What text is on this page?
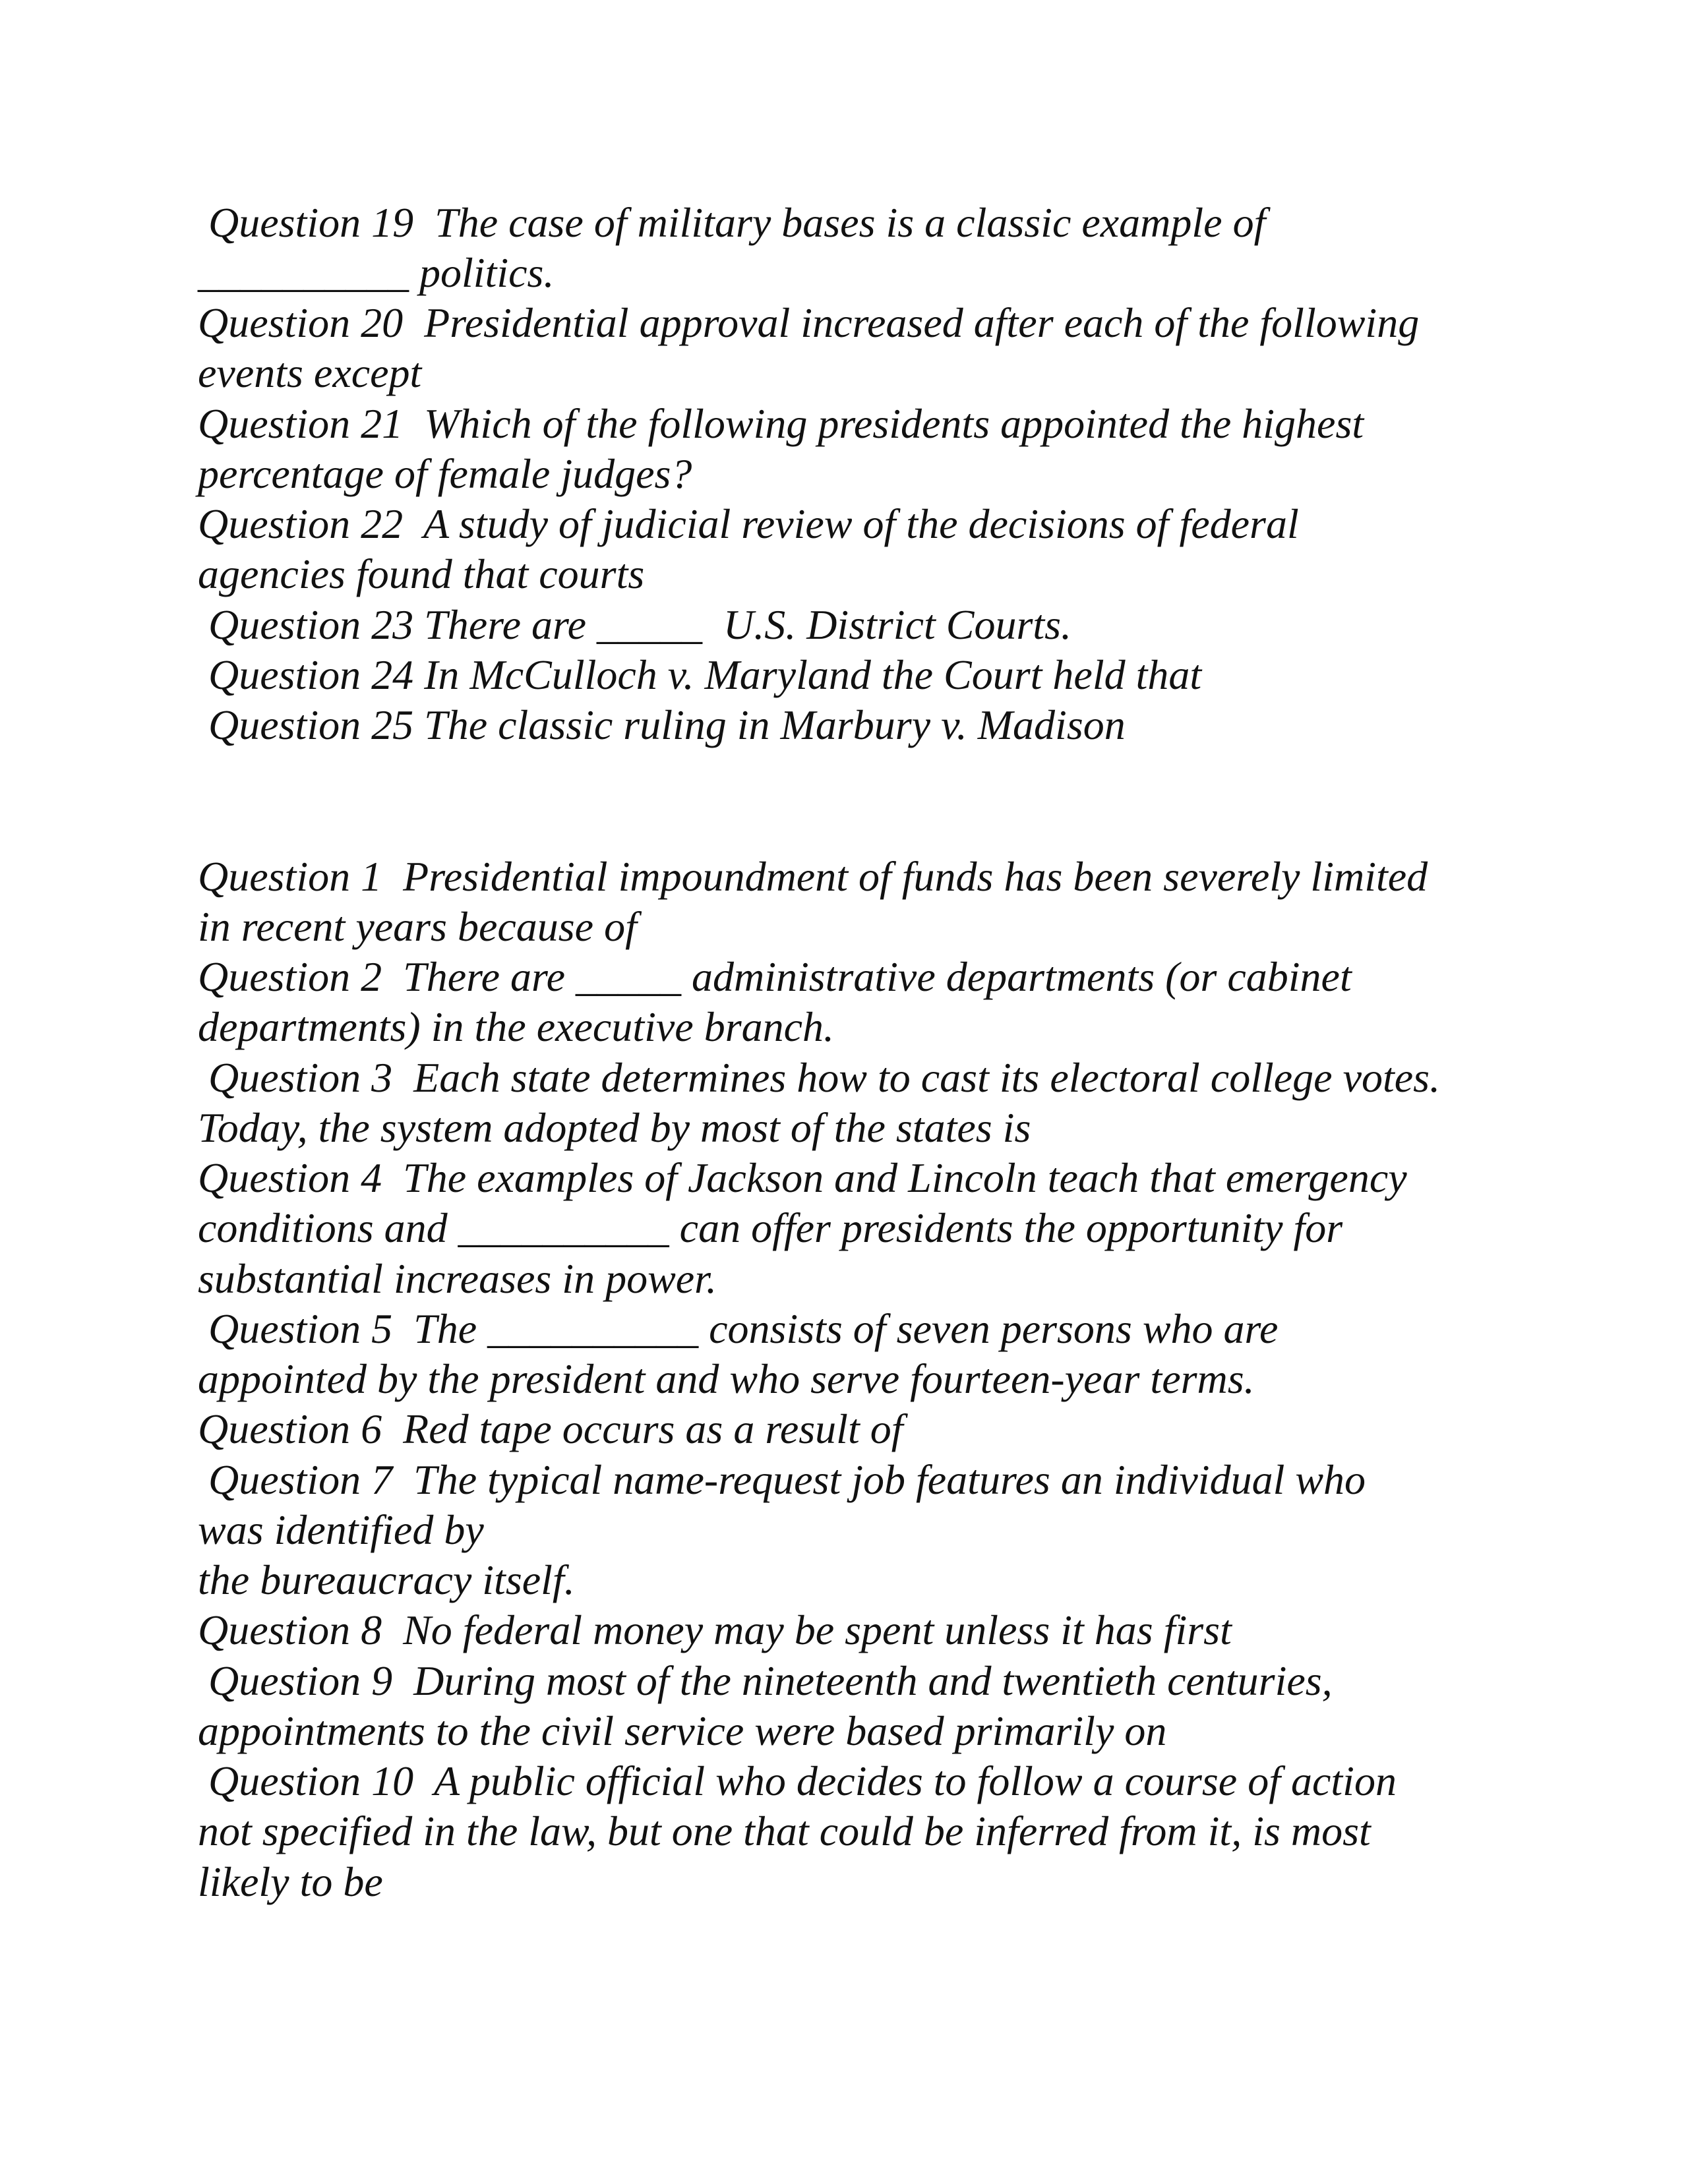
Question 19  The case of military bases is a classic example of

__________ politics.

Question 20  Presidential approval increased after each of the following

events except

Question 21  Which of the following presidents appointed the highest

percentage of female judges?

Question 22  A study of judicial review of the decisions of federal

agencies found that courts

Question 23 There are _____  U.S. District Courts.

Question 24 In McCulloch v. Maryland the Court held that

Question 25 The classic ruling in Marbury v. Madison

Question 1  Presidential impoundment of funds has been severely limited

in recent years because of

Question 2  There are _____ administrative departments (or cabinet

departments) in the executive branch.

Question 3  Each state determines how to cast its electoral college votes.

Today, the system adopted by most of the states is

Question 4  The examples of Jackson and Lincoln teach that emergency

conditions and __________ can offer presidents the opportunity for

substantial increases in power.

Question 5  The __________ consists of seven persons who are

appointed by the president and who serve fourteen-year terms.

Question 6  Red tape occurs as a result of

Question 7  The typical name-request job features an individual who

was identified by

the bureaucracy itself.

Question 8  No federal money may be spent unless it has first

Question 9  During most of the nineteenth and twentieth centuries,

appointments to the civil service were based primarily on

Question 10  A public official who decides to follow a course of action

not specified in the law, but one that could be inferred from it, is most

likely to be
